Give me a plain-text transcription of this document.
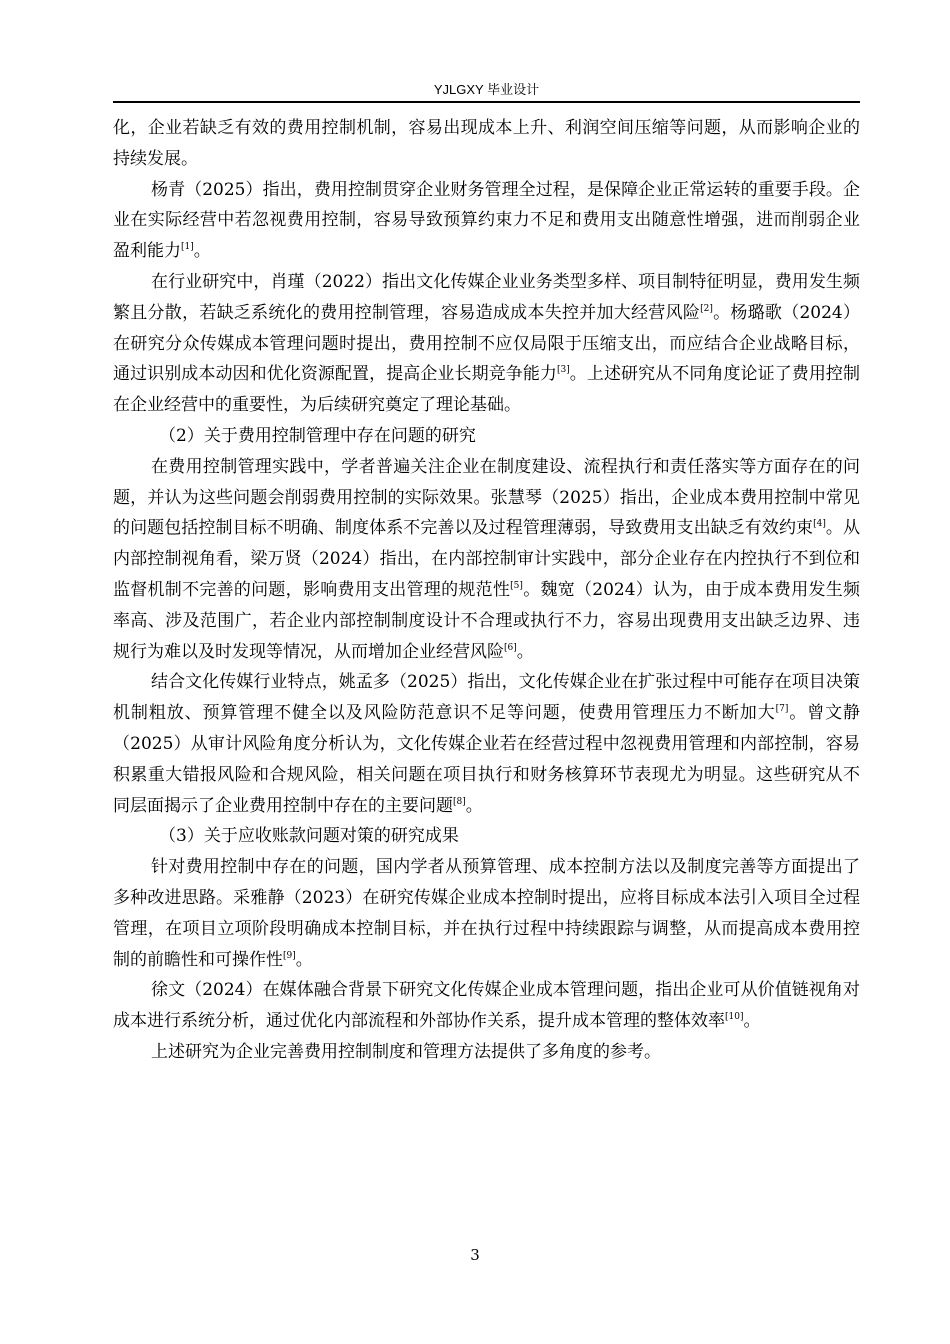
YJLGXY 毕业设计

化，企业若缺乏有效的费用控制机制，容易出现成本上升、利润空间压缩等问题，从而影响企业的持续发展。

杨青（2025）指出，费用控制贯穿企业财务管理全过程，是保障企业正常运转的重要手段。企业在实际经营中若忽视费用控制，容易导致预算约束力不足和费用支出随意性增强，进而削弱企业盈利能力[1]。

在行业研究中，肖瑾（2022）指出文化传媒企业业务类型多样、项目制特征明显，费用发生频繁且分散，若缺乏系统化的费用控制管理，容易造成成本失控并加大经营风险[2]。杨璐歌（2024）在研究分众传媒成本管理问题时提出，费用控制不应仅局限于压缩支出，而应结合企业战略目标，通过识别成本动因和优化资源配置，提高企业长期竞争能力[3]。上述研究从不同角度论证了费用控制在企业经营中的重要性，为后续研究奠定了理论基础。

（2）关于费用控制管理中存在问题的研究

在费用控制管理实践中，学者普遍关注企业在制度建设、流程执行和责任落实等方面存在的问题，并认为这些问题会削弱费用控制的实际效果。张慧琴（2025）指出，企业成本费用控制中常见的问题包括控制目标不明确、制度体系不完善以及过程管理薄弱，导致费用支出缺乏有效约束[4]。从内部控制视角看，梁万贤（2024）指出，在内部控制审计实践中，部分企业存在内控执行不到位和监督机制不完善的问题，影响费用支出管理的规范性[5]。魏宽（2024）认为，由于成本费用发生频率高、涉及范围广，若企业内部控制制度设计不合理或执行不力，容易出现费用支出缺乏边界、违规行为难以及时发现等情况，从而增加企业经营风险[6]。

结合文化传媒行业特点，姚孟多（2025）指出，文化传媒企业在扩张过程中可能存在项目决策机制粗放、预算管理不健全以及风险防范意识不足等问题，使费用管理压力不断加大[7]。曾文静（2025）从审计风险角度分析认为，文化传媒企业若在经营过程中忽视费用管理和内部控制，容易积累重大错报风险和合规风险，相关问题在项目执行和财务核算环节表现尤为明显。这些研究从不同层面揭示了企业费用控制中存在的主要问题[8]。

（3）关于应收账款问题对策的研究成果

针对费用控制中存在的问题，国内学者从预算管理、成本控制方法以及制度完善等方面提出了多种改进思路。采雅静（2023）在研究传媒企业成本控制时提出，应将目标成本法引入项目全过程管理，在项目立项阶段明确成本控制目标，并在执行过程中持续跟踪与调整，从而提高成本费用控制的前瞻性和可操作性[9]。

徐文（2024）在媒体融合背景下研究文化传媒企业成本管理问题，指出企业可从价值链视角对成本进行系统分析，通过优化内部流程和外部协作关系，提升成本管理的整体效率[10]。

上述研究为企业完善费用控制制度和管理方法提供了多角度的参考。

3
